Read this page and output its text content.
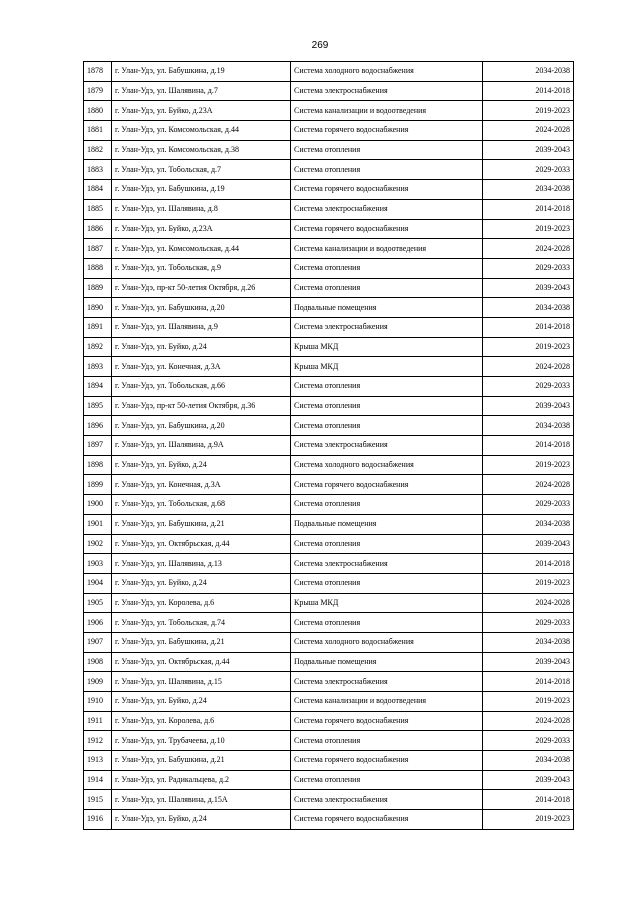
269
1878	г. Улан-Удэ, ул. Бабушкина, д.19	Система холодного водоснабжения	2034-2038
1879	г. Улан-Удэ, ул. Шалявина, д.7	Система электроснабжения	2014-2018
1880	г. Улан-Удэ, ул. Буйко, д.23А	Система канализации и водоотведения	2019-2023
1881	г. Улан-Удэ, ул. Комсомольская, д.44	Система горячего водоснабжения	2024-2028
1882	г. Улан-Удэ, ул. Комсомольская, д.38	Система отопления	2039-2043
1883	г. Улан-Удэ, ул. Тобольская, д.7	Система отопления	2029-2033
1884	г. Улан-Удэ, ул. Бабушкина, д.19	Система горячего водоснабжения	2034-2038
1885	г. Улан-Удэ, ул. Шалявина, д.8	Система электроснабжения	2014-2018
1886	г. Улан-Удэ, ул. Буйко, д.23А	Система горячего водоснабжения	2019-2023
1887	г. Улан-Удэ, ул. Комсомольская, д.44	Система канализации и водоотведения	2024-2028
1888	г. Улан-Удэ, ул. Тобольская, д.9	Система отопления	2029-2033
1889	г. Улан-Удэ, пр-кт 50-летия Октября, д.26	Система отопления	2039-2043
1890	г. Улан-Удэ, ул. Бабушкина, д.20	Подвальные помещения	2034-2038
1891	г. Улан-Удэ, ул. Шалявина, д.9	Система электроснабжения	2014-2018
1892	г. Улан-Удэ, ул. Буйко, д.24	Крыша МКД	2019-2023
1893	г. Улан-Удэ, ул. Конечная, д.3А	Крыша МКД	2024-2028
1894	г. Улан-Удэ, ул. Тобольская, д.66	Система отопления	2029-2033
1895	г. Улан-Удэ, пр-кт 50-летия Октября, д.36	Система отопления	2039-2043
1896	г. Улан-Удэ, ул. Бабушкина, д.20	Система отопления	2034-2038
1897	г. Улан-Удэ, ул. Шалявина, д.9А	Система электроснабжения	2014-2018
1898	г. Улан-Удэ, ул. Буйко, д.24	Система холодного водоснабжения	2019-2023
1899	г. Улан-Удэ, ул. Конечная, д.3А	Система горячего водоснабжения	2024-2028
1900	г. Улан-Удэ, ул. Тобольская, д.68	Система отопления	2029-2033
1901	г. Улан-Удэ, ул. Бабушкина, д.21	Подвальные помещения	2034-2038
1902	г. Улан-Удэ, ул. Октябрьская, д.44	Система отопления	2039-2043
1903	г. Улан-Удэ, ул. Шалявина, д.13	Система электроснабжения	2014-2018
1904	г. Улан-Удэ, ул. Буйко, д.24	Система отопления	2019-2023
1905	г. Улан-Удэ, ул. Королева, д.6	Крыша МКД	2024-2028
1906	г. Улан-Удэ, ул. Тобольская, д.74	Система отопления	2029-2033
1907	г. Улан-Удэ, ул. Бабушкина, д.21	Система холодного водоснабжения	2034-2038
1908	г. Улан-Удэ, ул. Октябрьская, д.44	Подвальные помещения	2039-2043
1909	г. Улан-Удэ, ул. Шалявина, д.15	Система электроснабжения	2014-2018
1910	г. Улан-Удэ, ул. Буйко, д.24	Система канализации и водоотведения	2019-2023
1911	г. Улан-Удэ, ул. Королева, д.6	Система горячего водоснабжения	2024-2028
1912	г. Улан-Удэ, ул. Трубачеева, д.10	Система отопления	2029-2033
1913	г. Улан-Удэ, ул. Бабушкина, д.21	Система горячего водоснабжения	2034-2038
1914	г. Улан-Удэ, ул. Радикальцева, д.2	Система отопления	2039-2043
1915	г. Улан-Удэ, ул. Шалявина, д.15А	Система электроснабжения	2014-2018
1916	г. Улан-Удэ, ул. Буйко, д.24	Система горячего водоснабжения	2019-2023
